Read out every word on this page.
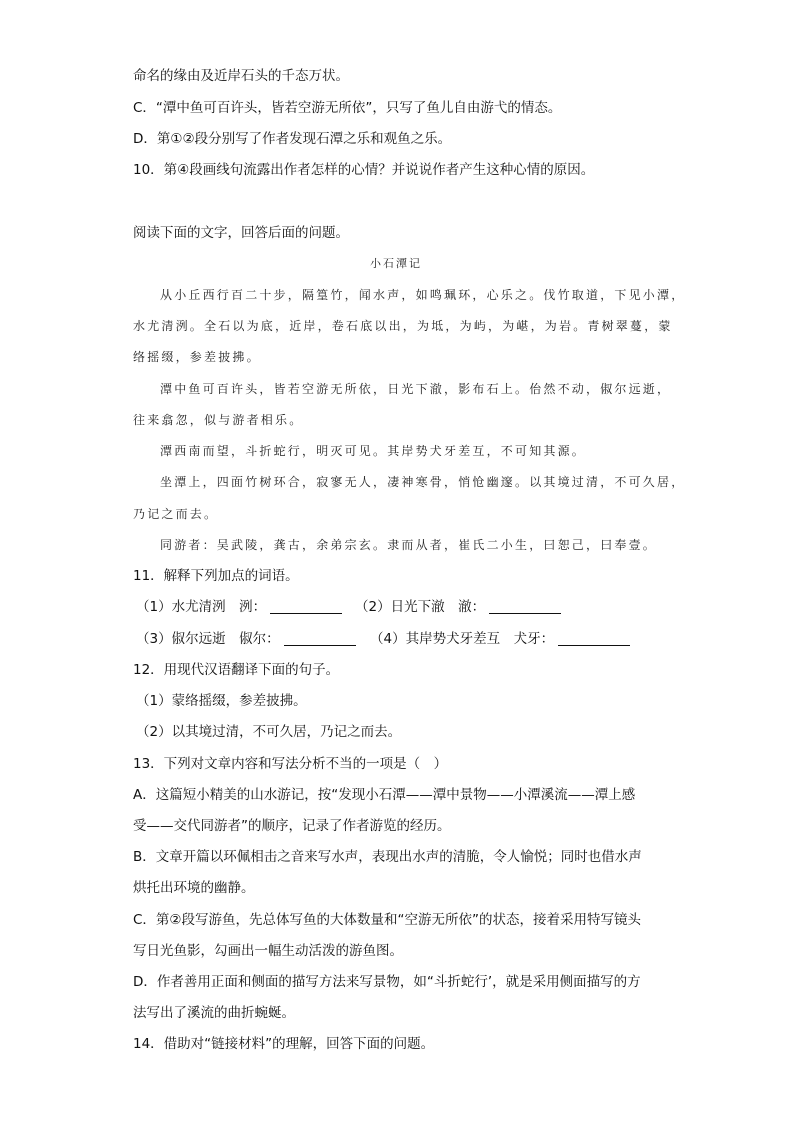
命名的缘由及近岸石头的千态万状。
C．“潭中鱼可百许头，皆若空游无所依”，只写了鱼儿自由游弋的情态。
D．第①②段分别写了作者发现石潭之乐和观鱼之乐。
10．第④段画线句流露出作者怎样的心情？并说说作者产生这种心情的原因。
阅读下面的文字，回答后面的问题。
小石潭记
从小丘西行百二十步，隔篁竹，闻水声，如鸣珮环，心乐之。伐竹取道，下见小潭，
水尤清洌。全石以为底，近岸，卷石底以出，为坻，为屿，为嵁，为岩。青树翠蔓，蒙
络摇缀，参差披拂。
潭中鱼可百许头，皆若空游无所依，日光下澈，影布石上。佁然不动，俶尔远逝，
往来翕忽，似与游者相乐。
潭西南而望，斗折蛇行，明灭可见。其岸势犬牙差互，不可知其源。
坐潭上，四面竹树环合，寂寥无人，凄神寒骨，悄怆幽邃。以其境过清，不可久居，
乃记之而去。
同游者：吴武陵，龚古，余弟宗玄。隶而从者，崔氏二小生，曰恕己，曰奉壹。
11．解释下列加点的词语。
（1）水尤清洌　洌：	（2）日光下澈　澈：
（3）俶尔远逝　俶尔：	（4）其岸势犬牙差互　犬牙：
12．用现代汉语翻译下面的句子。
（1）蒙络摇缀，参差披拂。
（2）以其境过清，不可久居，乃记之而去。
13．下列对文章内容和写法分析不当的一项是（　）
A．这篇短小精美的山水游记，按“发现小石潭——潭中景物——小潭溪流——潭上感
受——交代同游者”的顺序，记录了作者游览的经历。
B．文章开篇以环佩相击之音来写水声，表现出水声的清脆，令人愉悦；同时也借水声
烘托出环境的幽静。
C．第②段写游鱼，先总体写鱼的大体数量和“空游无所依”的状态，接着采用特写镜头
写日光鱼影，勾画出一幅生动活泼的游鱼图。
D．作者善用正面和侧面的描写方法来写景物，如“斗折蛇行’，就是采用侧面描写的方
法写出了溪流的曲折蜿蜒。
14．借助对“链接材料”的理解，回答下面的问题。
